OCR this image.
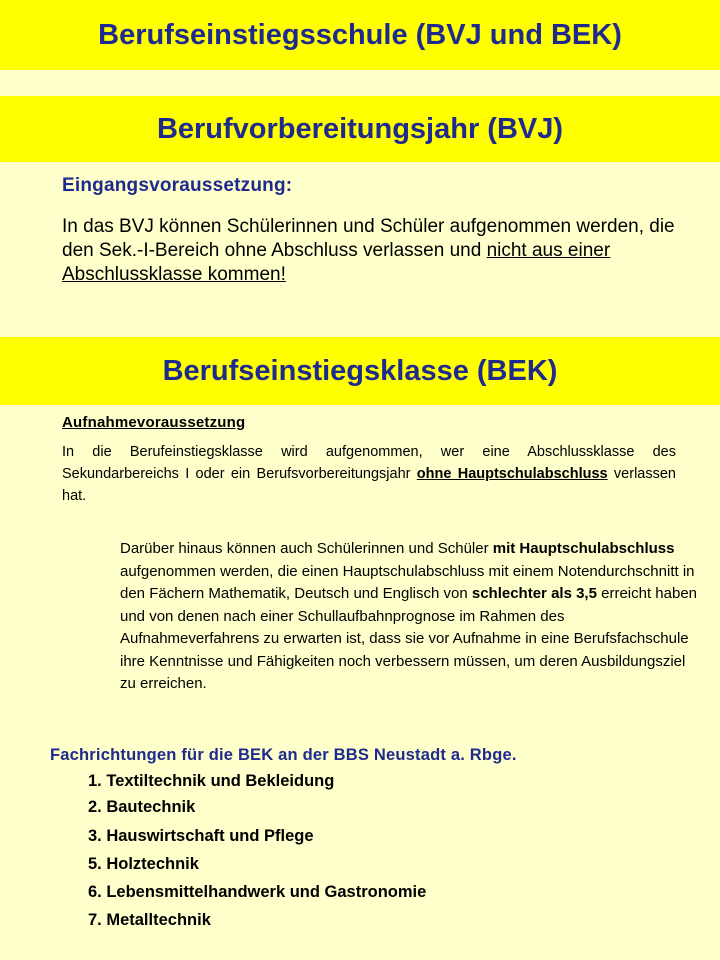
Berufseinstiegsschule (BVJ und BEK)
Berufvorbereitungsjahr (BVJ)
Eingangsvoraussetzung:
In das BVJ können Schülerinnen und Schüler aufgenommen werden, die den Sek.-I-Bereich ohne Abschluss verlassen und nicht aus einer Abschlussklasse kommen!
Berufseinstiegsklasse (BEK)
Aufnahmevoraussetzung
In die Berufeinstiegsklasse wird aufgenommen, wer eine Abschlussklasse des Sekundarbereichs I oder ein Berufsvorbereitungsjahr ohne Hauptschulabschluss verlassen hat.
Darüber hinaus können auch Schülerinnen und Schüler mit Hauptschulabschluss aufgenommen werden, die einen Hauptschulabschluss mit einem Notendurchschnitt in den Fächern Mathematik, Deutsch und Englisch von schlechter als 3,5 erreicht haben und von denen nach einer Schullaufbahnprognose im Rahmen des Aufnahmeverfahrens zu erwarten ist, dass sie vor Aufnahme in eine Berufsfachschule ihre Kenntnisse und Fähigkeiten noch verbessern müssen, um deren Ausbildungsziel zu erreichen.
Fachrichtungen für die BEK an der BBS Neustadt a. Rbge.
1. Textiltechnik und Bekleidung
2. Bautechnik
3. Hauswirtschaft und Pflege
5. Holztechnik
6. Lebensmittelhandwerk und Gastronomie
7. Metalltechnik
